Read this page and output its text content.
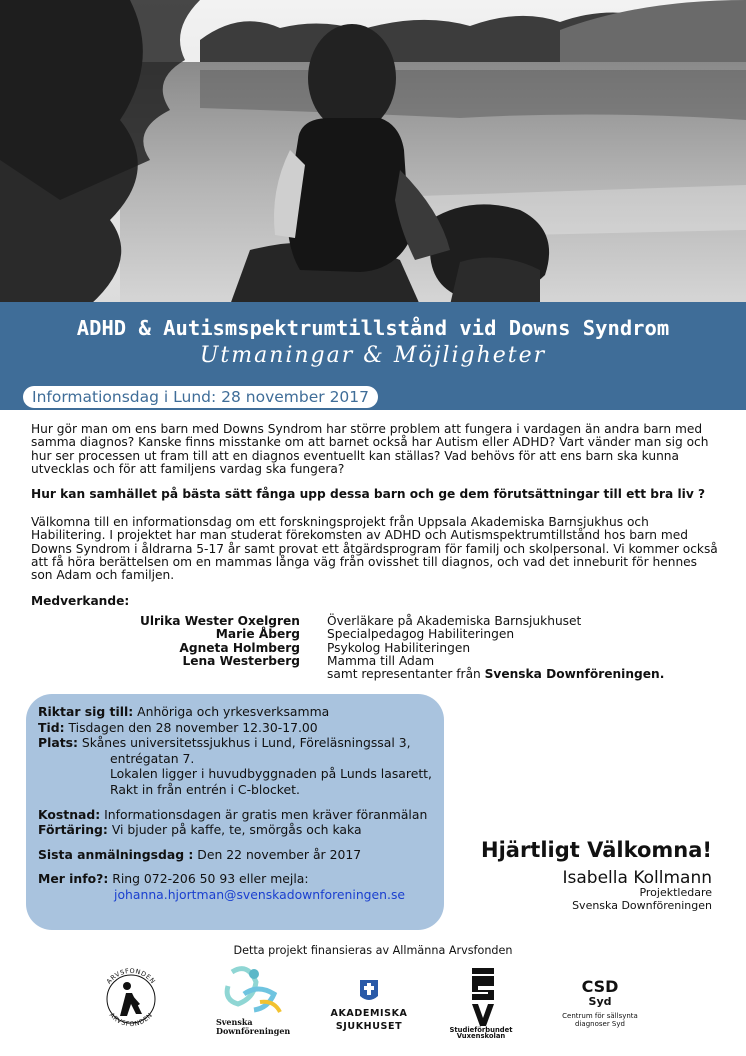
ADHD & Autismspektrumtillstånd vid Downs Syndrom
Utmaningar & Möjligheter
Informationsdag i Lund: 28 november 2017

Hur gör man om ens barn med Downs Syndrom har större problem att fungera i vardagen än andra barn med samma diagnos? Kanske finns misstanke om att barnet också har Autism eller ADHD? Vart vänder man sig och hur ser processen ut fram till att en diagnos eventuellt kan ställas? Vad behövs för att ens barn ska kunna utvecklas och för att familjens vardag ska fungera?

Hur kan samhället på bästa sätt fånga upp dessa barn och ge dem förutsättningar till ett bra liv ?

Välkomna till en informationsdag om ett forskningsprojekt från Uppsala Akademiska Barnsjukhus och Habilitering. I projektet har man studerat förekomsten av ADHD och Autismspektrumtillstånd hos barn med Downs Syndrom i åldrarna 5-17 år samt provat ett åtgärdsprogram för familj och skolpersonal. Vi kommer också att få höra berättelsen om en mammas långa väg från ovisshet till diagnos, och vad det inneburit för hennes son Adam och familjen.

Medverkande:

Ulrika Wester Oxelgren Överläkare på Akademiska Barnsjukhuset
Marie Åberg Specialpedagog Habiliteringen
Agneta Holmberg Psykolog Habiliteringen
Lena Westerberg Mamma till Adam
samt representanter från Svenska Downföreningen.
Riktar sig till: Anhöriga och yrkesverksamma
Tid: Tisdagen den 28 november 12.30-17.00
Plats: Skånes universitetssjukhus i Lund, Föreläsningssal 3,
entrégatan 7.
Lokalen ligger i huvudbyggnaden på Lunds lasarett,
Rakt in från entrén i C-blocket.
Kostnad: Informationsdagen är gratis men kräver föranmälan
Förtäring: Vi bjuder på kaffe, te, smörgås och kaka
Sista anmälningsdag : Den 22 november år 2017
Mer info?: Ring 072-206 50 93 eller mejla:
johanna.hjortman@svenskadownforeningen.se
Hjärtligt Välkomna!
Isabella Kollmann
Projektledare
Svenska Downföreningen
Detta projekt finansieras av Allmänna Arvsfonden
ARVSFONDEN
ARVSFONDEN
Svenska
Downföreningen
AKADEMISKA
SJUKHUSET	Studieförbundet
Vuxenskolan
CSD
Syd
Centrum för sällsynta
diagnoser Syd
